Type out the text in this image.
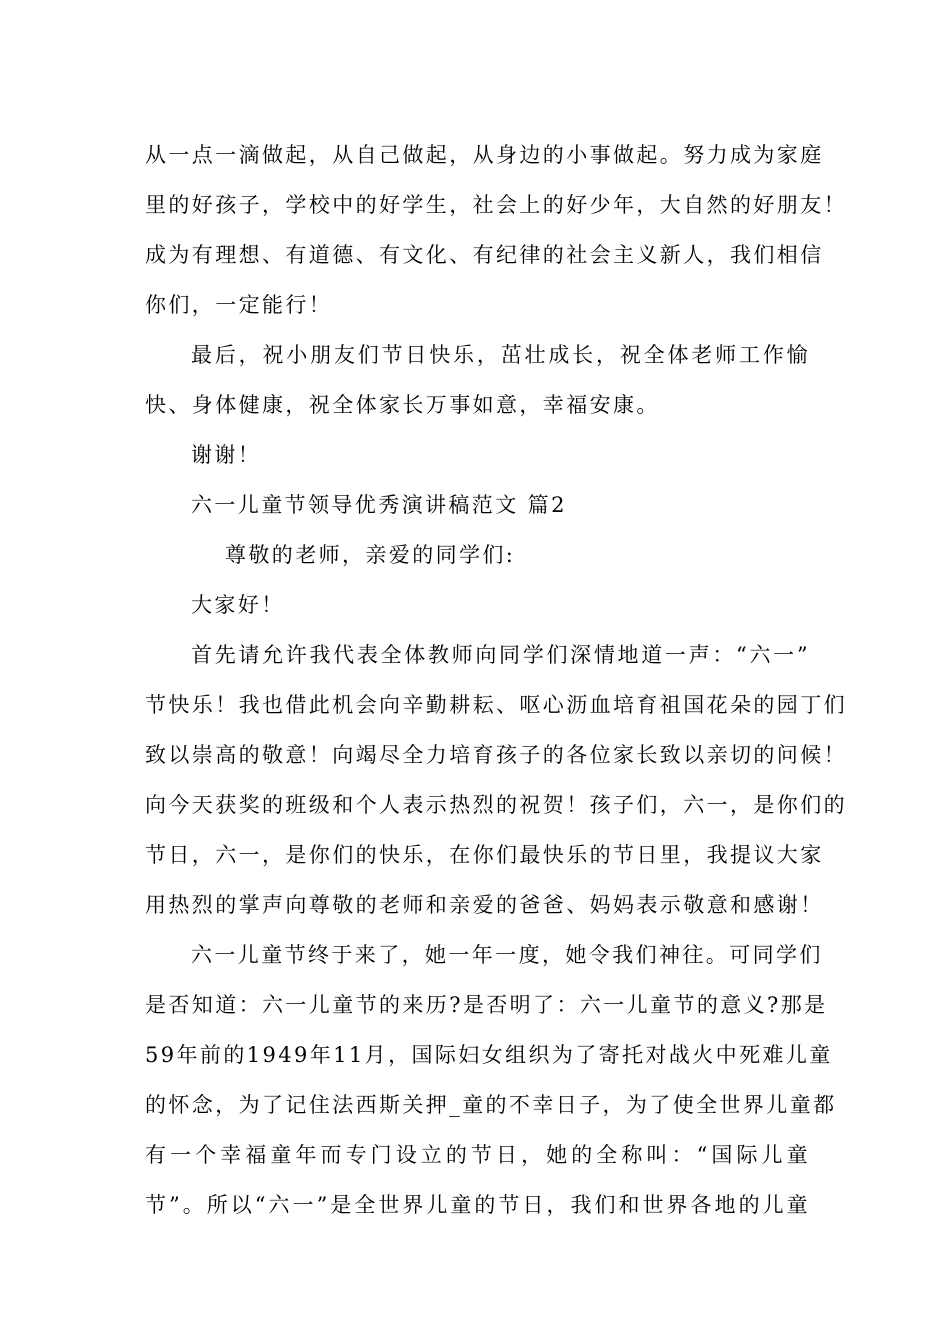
从一点一滴做起，从自己做起，从身边的小事做起。努力成为家庭
里的好孩子，学校中的好学生，社会上的好少年，大自然的好朋友！
成为有理想、有道德、有文化、有纪律的社会主义新人，我们相信
你们，一定能行！
最后，祝小朋友们节日快乐，茁壮成长，祝全体老师工作愉
快、身体健康，祝全体家长万事如意，幸福安康。
谢谢！
六一儿童节领导优秀演讲稿范文 篇2
尊敬的老师，亲爱的同学们:
大家好！
首先请允许我代表全体教师向同学们深情地道一声：“六一”
节快乐！我也借此机会向辛勤耕耘、呕心沥血培育祖国花朵的园丁们
致以崇高的敬意！向竭尽全力培育孩子的各位家长致以亲切的问候！
向今天获奖的班级和个人表示热烈的祝贺！孩子们，六一，是你们的
节日，六一，是你们的快乐，在你们最快乐的节日里，我提议大家
用热烈的掌声向尊敬的老师和亲爱的爸爸、妈妈表示敬意和感谢！
六一儿童节终于来了，她一年一度，她令我们神往。可同学们
是否知道：六一儿童节的来历?是否明了：六一儿童节的意义?那是
59年前的1949年11月，国际妇女组织为了寄托对战火中死难儿童
的怀念，为了记住法西斯关押_童的不幸日子，为了使全世界儿童都
有一个幸福童年而专门设立的节日，她的全称叫：“国际儿童
节”。所以“六一”是全世界儿童的节日，我们和世界各地的儿童
